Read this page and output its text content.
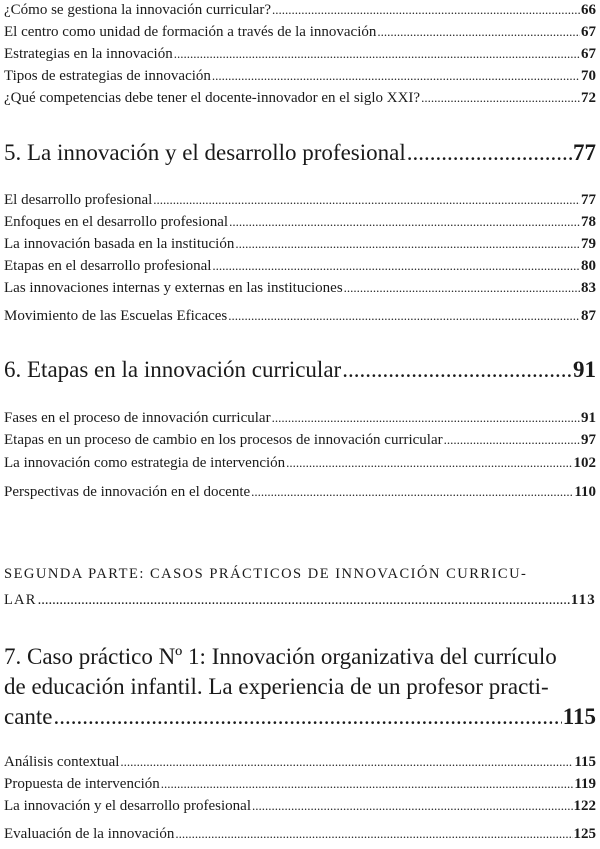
¿Cómo se gestiona la innovación curricular? .....	66
El centro como unidad de formación a través de la innovación .....	67
Estrategias en la innovación .....	67
Tipos de estrategias de innovación .....	70
¿Qué competencias debe tener el docente-innovador en el siglo XXI? .....	72
5. La innovación y el desarrollo profesional .....	77
El desarrollo profesional .....	77
Enfoques en el desarrollo profesional .....	78
La innovación basada en la institución .....	79
Etapas en el desarrollo profesional .....	80
Las innovaciones internas y externas en las instituciones .....	83
Movimiento de las Escuelas Eficaces .....	87
6. Etapas en la innovación curricular .....	91
Fases en el proceso de innovación curricular .....	91
Etapas en un proceso de cambio en los procesos de innovación curricular .....	97
La innovación como estrategia de intervención .....	102
Perspectivas de innovación en el docente .....	110
SEGUNDA PARTE: CASOS PRÁCTICOS DE INNOVACIÓN CURRICU-
LAR .....	113
7. Caso práctico Nº 1: Innovación organizativa del currículo
de educación infantil. La experiencia de un profesor practi-
cante .....	115
Análisis contextual .....	115
Propuesta de intervención .....	119
La innovación y el desarrollo profesional .....	122
Evaluación de la innovación .....	125
